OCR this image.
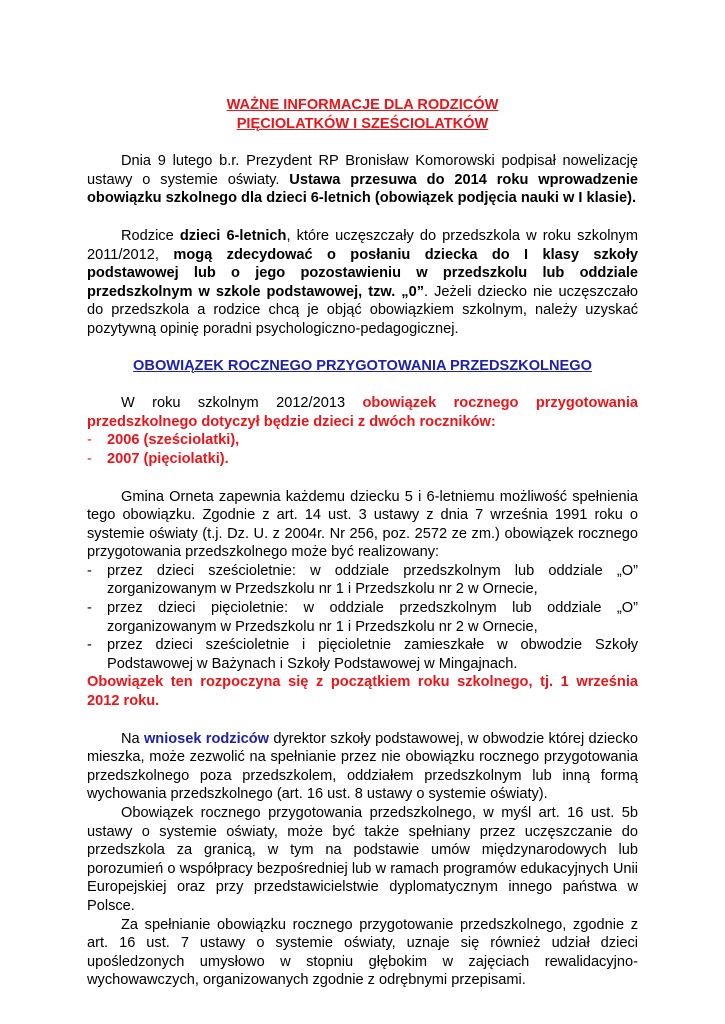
WAŻNE INFORMACJE DLA RODZICÓW
PIĘCIOLATKÓW I SZEŚCIOLATKÓW

Dnia 9 lutego b.r. Prezydent RP Bronisław Komorowski podpisał nowelizację ustawy o systemie oświaty. Ustawa przesuwa do 2014 roku wprowadzenie obowiązku szkolnego dla dzieci 6-letnich (obowiązek podjęcia nauki w I klasie).

Rodzice dzieci 6-letnich, które uczęszczały do przedszkola w roku szkolnym 2011/2012, mogą zdecydować o posłaniu dziecka do I klasy szkoły podstawowej lub o jego pozostawieniu w przedszkolu lub oddziale przedszkolnym w szkole podstawowej, tzw. „0”. Jeżeli dziecko nie uczęszczało do przedszkola a rodzice chcą je objąć obowiązkiem szkolnym, należy uzyskać pozytywną opinię poradni psychologiczno-pedagogicznej.

OBOWIĄZEK ROCZNEGO PRZYGOTOWANIA PRZEDSZKOLNEGO

W roku szkolnym 2012/2013 obowiązek rocznego przygotowania przedszkolnego dotyczył będzie dzieci z dwóch roczników:

- 2006 (sześciolatki),
- 2007 (pięciolatki).

Gmina Orneta zapewnia każdemu dziecku 5 i 6-letniemu możliwość spełnienia tego obowiązku. Zgodnie z art. 14 ust. 3 ustawy z dnia 7 września 1991 roku o systemie oświaty (t.j. Dz. U. z 2004r. Nr 256, poz. 2572 ze zm.) obowiązek rocznego przygotowania przedszkolnego może być realizowany:

- przez dzieci sześcioletnie: w oddziale przedszkolnym lub oddziale „O” zorganizowanym w Przedszkolu nr 1 i Przedszkolu nr 2 w Ornecie,
- przez dzieci pięcioletnie: w oddziale przedszkolnym lub oddziale „O” zorganizowanym w Przedszkolu nr 1 i Przedszkolu nr 2 w Ornecie,
- przez dzieci sześcioletnie i pięcioletnie zamieszkałe w obwodzie Szkoły Podstawowej w Bażynach i Szkoły Podstawowej w Mingajnach.

Obowiązek ten rozpoczyna się z początkiem roku szkolnego, tj. 1 września 2012 roku.

Na wniosek rodziców dyrektor szkoły podstawowej, w obwodzie której dziecko mieszka, może zezwolić na spełnianie przez nie obowiązku rocznego przygotowania przedszkolnego poza przedszkolem, oddziałem przedszkolnym lub inną formą wychowania przedszkolnego (art. 16 ust. 8 ustawy o systemie oświaty).

Obowiązek rocznego przygotowania przedszkolnego, w myśl art. 16 ust. 5b ustawy o systemie oświaty, może być także spełniany przez uczęszczanie do przedszkola za granicą, w tym na podstawie umów międzynarodowych lub porozumień o współpracy bezpośredniej lub w ramach programów edukacyjnych Unii Europejskiej oraz przy przedstawicielstwie dyplomatycznym innego państwa w Polsce.

Za spełnianie obowiązku rocznego przygotowanie przedszkolnego, zgodnie z art. 16 ust. 7 ustawy o systemie oświaty, uznaje się również udział dzieci upośledzonych umysłowo w stopniu głębokim w zajęciach rewalidacyjno-wychowawczych, organizowanych zgodnie z odrębnymi przepisami.
